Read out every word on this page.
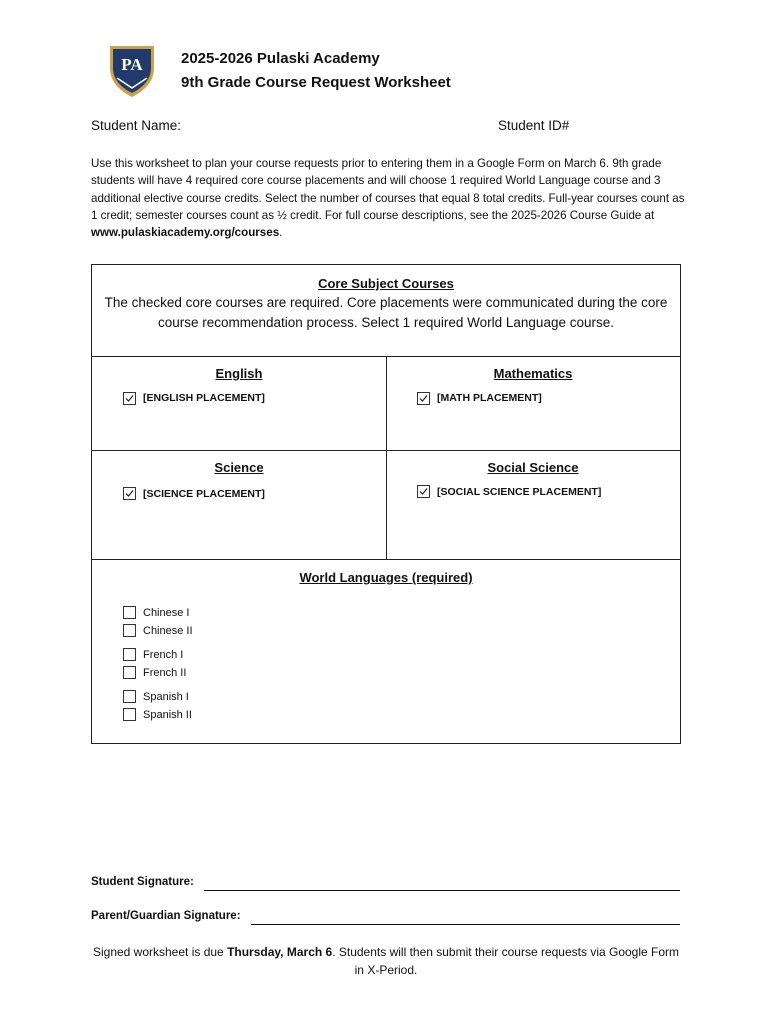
PA	2025-2026 Pulaski Academy
9th Grade Course Request Worksheet
Student Name:	Student ID#
Use this worksheet to plan your course requests prior to entering them in a Google Form on March 6. 9th grade students will have 4 required core course placements and will choose 1 required World Language course and 3 additional elective course credits. Select the number of courses that equal 8 total credits. Full-year courses count as 1 credit; semester courses count as ½ credit. For full course descriptions, see the 2025-2026 Course Guide at www.pulaskiacademy.org/courses.
Core Subject Courses
The checked core courses are required. Core placements were communicated during the core course recommendation process. Select 1 required World Language course.
English
[ENGLISH PLACEMENT]
Mathematics
[MATH PLACEMENT]
Science
[SCIENCE PLACEMENT]
Social Science
[SOCIAL SCIENCE PLACEMENT]
World Languages (required)
Chinese I
Chinese II
French I
French II
Spanish I
Spanish II
Student Signature:
Parent/Guardian Signature:
Signed worksheet is due Thursday, March 6. Students will then submit their course requests via Google Form in X-Period.
